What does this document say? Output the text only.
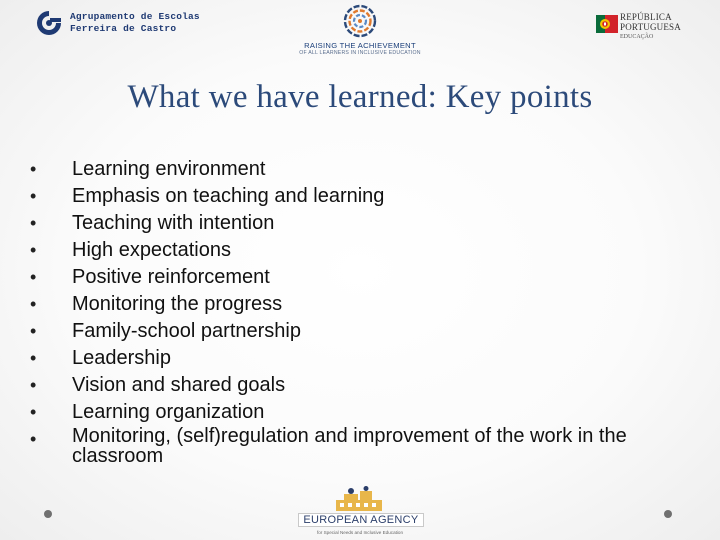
Agrupamento de Escolas
Ferreira de Castro
RAISING THE ACHIEVEMENT
OF ALL LEARNERS IN INCLUSIVE EDUCATION
REPÚBLICA
PORTUGUESA
EDUCAÇÃO
What we have learned: Key points
• Learning environment
• Emphasis on teaching and learning
• Teaching with intention
• High expectations
• Positive reinforcement
• Monitoring the progress
• Family-school partnership
• Leadership
• Vision and shared goals
• Learning organization
• Monitoring, (self)regulation and improvement of the work in the classroom
EUROPEAN AGENCY
for Special Needs and Inclusive Education
